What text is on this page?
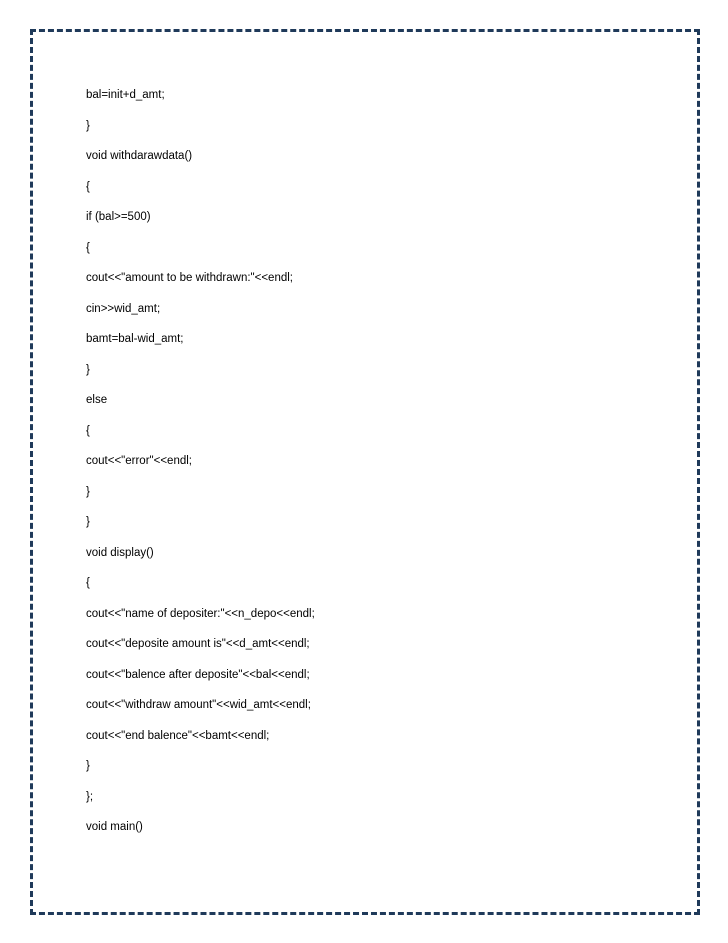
bal=init+d_amt;
}
void withdarawdata()
{
if (bal>=500)
{
cout<<"amount to be withdrawn:"<<endl;
cin>>wid_amt;
bamt=bal-wid_amt;
}
else
{
cout<<"error"<<endl;
}
}
void display()
{
cout<<"name of depositer:"<<n_depo<<endl;
cout<<"deposite amount is"<<d_amt<<endl;
cout<<"balence after deposite"<<bal<<endl;
cout<<"withdraw amount"<<wid_amt<<endl;
cout<<"end balence"<<bamt<<endl;
}
};
void main()
